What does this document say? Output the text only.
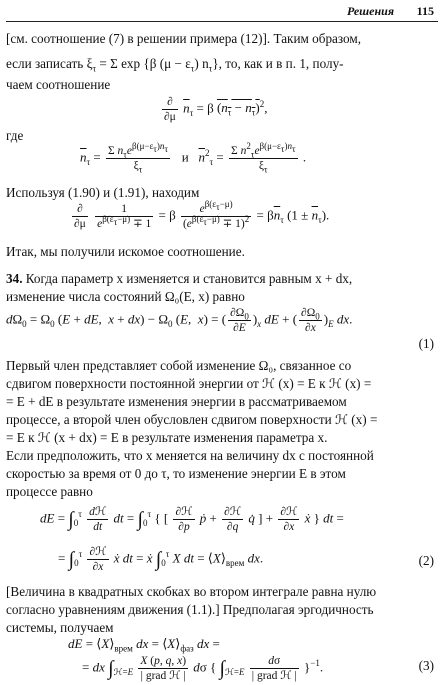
Решения 115
[см. соотношение (7) в решении примера (12)]. Таким образом,
если записать $\xi_\tau = \Sigma$ exp {β $(\mu - \varepsilon_\tau)$ $n_\tau$}, то, как и в п. 1, полу-
чаем соотношение
$\frac{\partial}{\partial\mu} \overline{n}_\tau = \beta$ $(n_\tau - n_\tau)^2$,
где
$\overline{n}_\tau = \frac{\Sigma n_\tau e^{\beta(\mu-\varepsilon_\tau)n_\tau}}{\xi_\tau}$ и   $\overline{n}^2_\tau = \frac{\Sigma n^2_\tau e^{\beta(\mu-\varepsilon_\tau)n_\tau}}{\xi_\tau}$ .
Используя (1.90) и (1.91), находим
$\frac{\partial}{\partial\mu}$
$\frac{1}{e^{\beta(\varepsilon_\tau-\mu)} \mp 1} = \beta \frac{e^{\beta(\varepsilon_\tau-\mu)}}{(e^{\beta(\varepsilon_\tau-\mu)} \mp 1)^2} = \beta\overline{n}_\tau$ $(1 \pm \overline{n}_\tau)$.
Итак, мы получили искомое соотношение.
34. Когда параметр x изменяется и становится равным x + dx,
изменение числа состояний Ω₀(E, x) равно
$d\Omega_0 = \Omega_0$ (E + dE,  $x + dx) - \Omega_0$ (E,  x) = ( $\frac{\partial\Omega_0}{\partial E} )_x$ dE + ( $\frac{\partial\Omega_0}{\partial x} )_E$ dx.
(1)
Первый член представляет собой изменение Ω₀, связанное со
сдвигом поверхности постоянной энергии от ℋ (x) = E к ℋ (x) =
= E + dE в результате изменения энергии в рассматриваемом
процессе, а второй член обусловлен сдвигом поверхности ℋ (x) =
= E к ℋ (x + dx) = E в результате изменения параметра x.
Если предположить, что x меняется на величину dx с постоянной
скоростью за время от 0 до τ, то изменение энергии E в этом
процессе равно
dE = $\int_0^\tau \frac{\text{dℋ}}{dt}$ dt = $\int_0^\tau$ { [ $\frac{\text{∂ℋ}}{\partial p}$ ṗ + $\frac{\text{∂ℋ}}{\partial q}$ q̇ ] + $\frac{\text{∂ℋ}}{\partial x}$ ẋ } dt =
= $\int_0^\tau \frac{\text{∂ℋ}}{\partial x}$ ẋ dt = ẋ $\int_0^\tau$ X dt = $⟨X⟩_{врем}$ dx.	(2)
[Величина в квадратных скобках во втором интеграле равна нулю
согласно уравнениям движения (1.1).] Предполагая эргодичность
системы, получаем
dE = $⟨X⟩_{врем}$ dx = $⟨X⟩_{фаз}$ dx =
= dx $\int_{ℋ=E} \frac{X (p, q, x)}{\text{| grad ℋ |}}$ dσ { $\int_{ℋ=E} \frac{d\sigma}{\text{| grad ℋ |}} \}^{-1}$.	(3)
